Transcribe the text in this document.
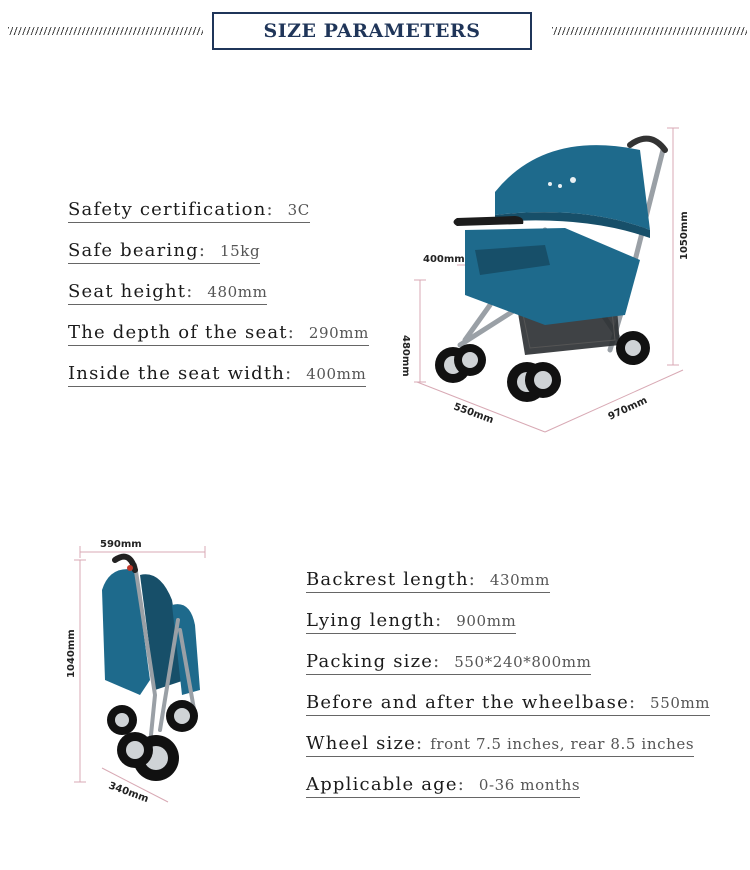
SIZE PARAMETERS
Safety certification: 3C
Safe bearing: 15kg
Seat height: 480mm
The depth of the seat: 290mm
Inside the seat width: 400mm
1050mm
400mm
480mm
550mm	970mm
590mm
1040mm
340mm
Backrest length: 430mm
Lying length: 900mm
Packing size: 550*240*800mm
Before and after the wheelbase: 550mm
Wheel size: front 7.5 inches, rear 8.5 inches
Applicable age: 0-36 months
